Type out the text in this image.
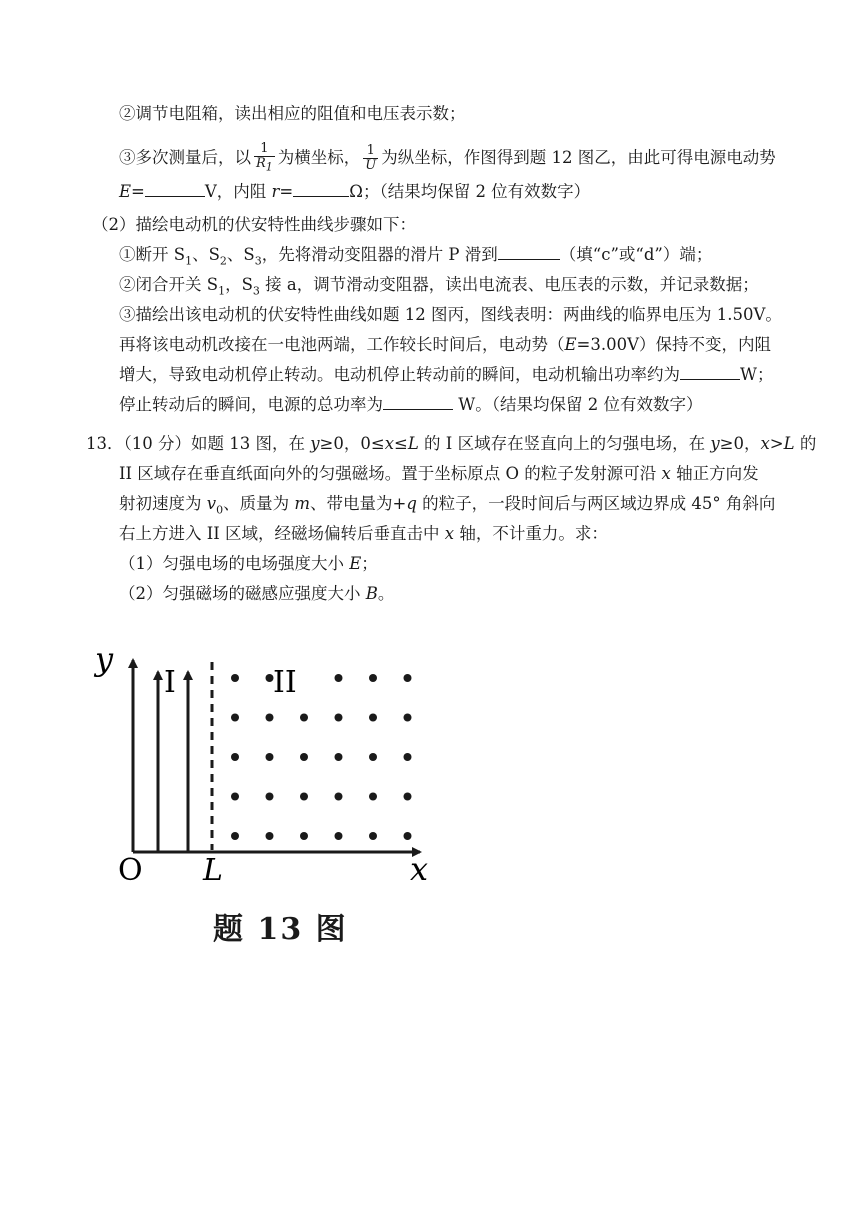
②调节电阻箱，读出相应的阻值和电压表示数；
③多次测量后，以 $\frac{1}{R_1}$ 为横坐标， $\frac{1}{U}$ 为纵坐标，作图得到题 12 图乙，由此可得电源电动势
E=	V，内阻 r=	Ω；（结果均保留 2 位有效数字）
（2）描绘电动机的伏安特性曲线步骤如下：
①断开 $S_1$、$S_2$、$S_3$，先将滑动变阻器的滑片 P 滑到	（填“c”或“d”）端；
②闭合开关 $S_1$，$S_3$ 接 a，调节滑动变阻器，读出电流表、电压表的示数，并记录数据；
③描绘出该电动机的伏安特性曲线如题 12 图丙，图线表明：两曲线的临界电压为 1.50V。
再将该电动机改接在一电池两端，工作较长时间后，电动势（E=3.00V）保持不变，内阻
增大，导致电动机停止转动。电动机停止转动前的瞬间，电动机输出功率约为	W；
停止转动后的瞬间，电源的总功率为	W。（结果均保留 2 位有效数字）
13．（10 分）如题 13 图，在 y≥0，0≤x≤L 的 I 区域存在竖直向上的匀强电场，在 y≥0，x>L 的
II 区域存在垂直纸面向外的匀强磁场。置于坐标原点 O 的粒子发射源可沿 x 轴正方向发
射初速度为 $v_0$、质量为 m、带电量为+q 的粒子，一段时间后与两区域边界成 45° 角斜向
右上方进入 II 区域，经磁场偏转后垂直击中 x 轴，不计重力。求：
（1）匀强电场的电场强度大小 E；
（2）匀强磁场的磁感应强度大小 B。
y
x
O L
I	II
题 13 图
